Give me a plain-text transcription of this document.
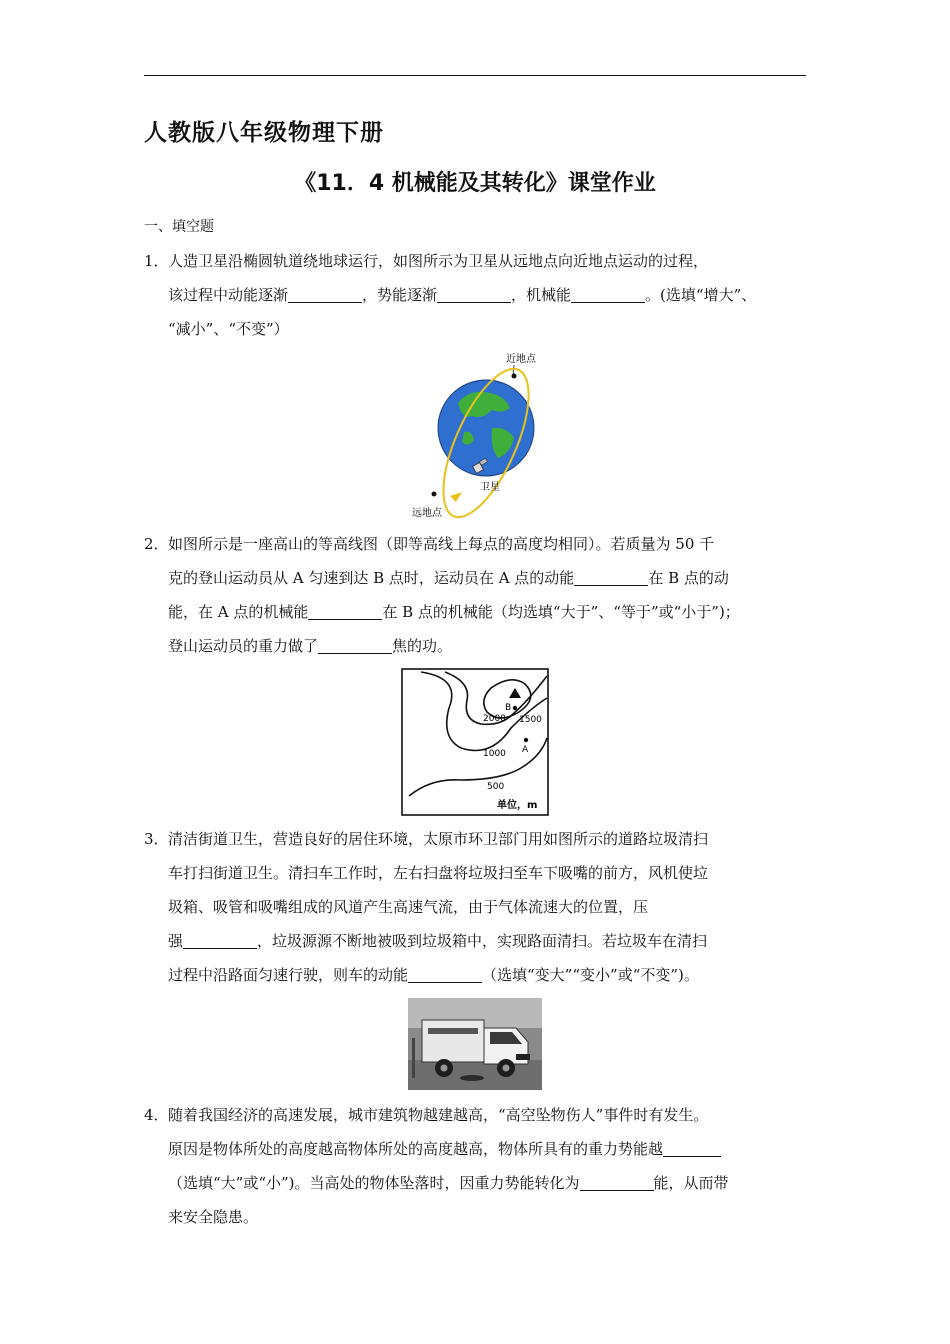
人教版八年级物理下册
《11．4 机械能及其转化》课堂作业
一、填空题
1． 人造卫星沿椭圆轨道绕地球运行，如图所示为卫星从远地点向近地点运动的过程，
该过程中动能逐渐	，势能逐渐	，机械能	。(选填“增大”、
“减小”、“不变”）
近地点
卫星
远地点
2． 如图所示是一座高山的等高线图（即等高线上每点的高度均相同）。若质量为 50 千
克的登山运动员从 A 匀速到达 B 点时，运动员在 A 点的动能	在 B 点的动
能，在 A 点的机械能	在 B 点的机械能（均选填“大于”、“等于”或“小于”)；
登山运动员的重力做了	焦的功。
B
A
2000 1500
1000
500
单位，m
3． 清洁街道卫生，营造良好的居住环境，太原市环卫部门用如图所示的道路垃圾清扫
车打扫街道卫生。清扫车工作时，左右扫盘将垃圾扫至车下吸嘴的前方，风机使垃
圾箱、吸管和吸嘴组成的风道产生高速气流，由于气体流速大的位置，压
强	，垃圾源源不断地被吸到垃圾箱中，实现路面清扫。若垃圾车在清扫
过程中沿路面匀速行驶，则车的动能	（选填“变大”“变小”或“不变”)。
4． 随着我国经济的高速发展，城市建筑物越建越高，“高空坠物伤人”事件时有发生。
原因是物体所处的高度越高物体所处的高度越高，物体所具有的重力势能越
（选填“大”或“小”)。当高处的物体坠落时，因重力势能转化为	能，从而带
来安全隐患。
